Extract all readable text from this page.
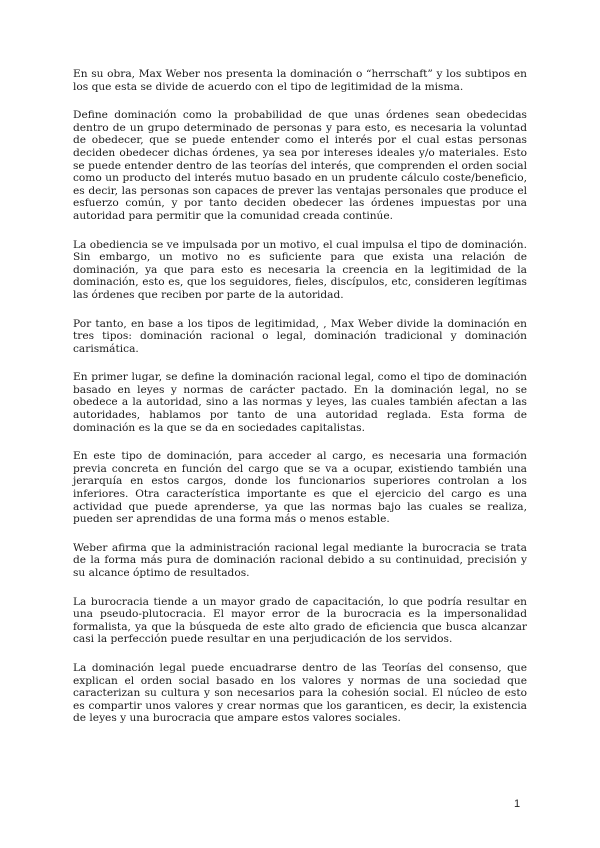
En su obra, Max Weber nos presenta la dominación o “herrschaft” y los subtipos en los que esta se divide de acuerdo con el tipo de legitimidad de la misma.

Define dominación como la probabilidad de que unas órdenes sean obedecidas dentro de un grupo determinado de personas y para esto, es necesaria la voluntad de obedecer, que se puede entender como el interés por el cual estas personas deciden obedecer dichas órdenes, ya sea por intereses ideales y/o materiales. Esto se puede entender dentro de las teorías del interés, que comprenden el orden social como un producto del interés mutuo basado en un prudente cálculo coste/beneficio, es decir, las personas son capaces de prever las ventajas personales que produce el esfuerzo común, y por tanto deciden obedecer las órdenes impuestas por una autoridad para permitir que la comunidad creada continúe.

La obediencia se ve impulsada por un motivo, el cual impulsa el tipo de dominación. Sin embargo, un motivo no es suficiente para que exista una relación de dominación, ya que para esto es necesaria la creencia en la legitimidad de la dominación, esto es, que los seguidores, fieles, discípulos, etc, consideren legítimas las órdenes que reciben por parte de la autoridad.

Por tanto, en base a los tipos de legitimidad, , Max Weber divide la dominación en tres tipos: dominación racional o legal, dominación tradicional y dominación carismática.

En primer lugar, se define la dominación racional legal, como el tipo de dominación basado en leyes y normas de carácter pactado. En la dominación legal, no se obedece a la autoridad, sino a las normas y leyes, las cuales también afectan a las autoridades, hablamos por tanto de una autoridad reglada. Esta forma de dominación es la que se da en sociedades capitalistas.

En este tipo de dominación, para acceder al cargo, es necesaria una formación previa concreta en función del cargo que se va a ocupar, existiendo también una jerarquía en estos cargos, donde los funcionarios superiores controlan a los inferiores. Otra característica importante es que el ejercicio del cargo es una actividad que puede aprenderse, ya que las normas bajo las cuales se realiza, pueden ser aprendidas de una forma más o menos estable.

Weber afirma que la administración racional legal mediante la burocracia se trata de la forma más pura de dominación racional debido a su continuidad, precisión y su alcance óptimo de resultados.

La burocracia tiende a un mayor grado de capacitación, lo que podría resultar en una pseudo-plutocracia. El mayor error de la burocracia es la impersonalidad formalista, ya que la búsqueda de este alto grado de eficiencia que busca alcanzar casi la perfección puede resultar en una perjudicación de los servidos.

La dominación legal puede encuadrarse dentro de las Teorías del consenso, que explican el orden social basado en los valores y normas de una sociedad que caracterizan su cultura y son necesarios para la cohesión social. El núcleo de esto es compartir unos valores y crear normas que los garanticen, es decir, la existencia de leyes y una burocracia que ampare estos valores sociales.

1
